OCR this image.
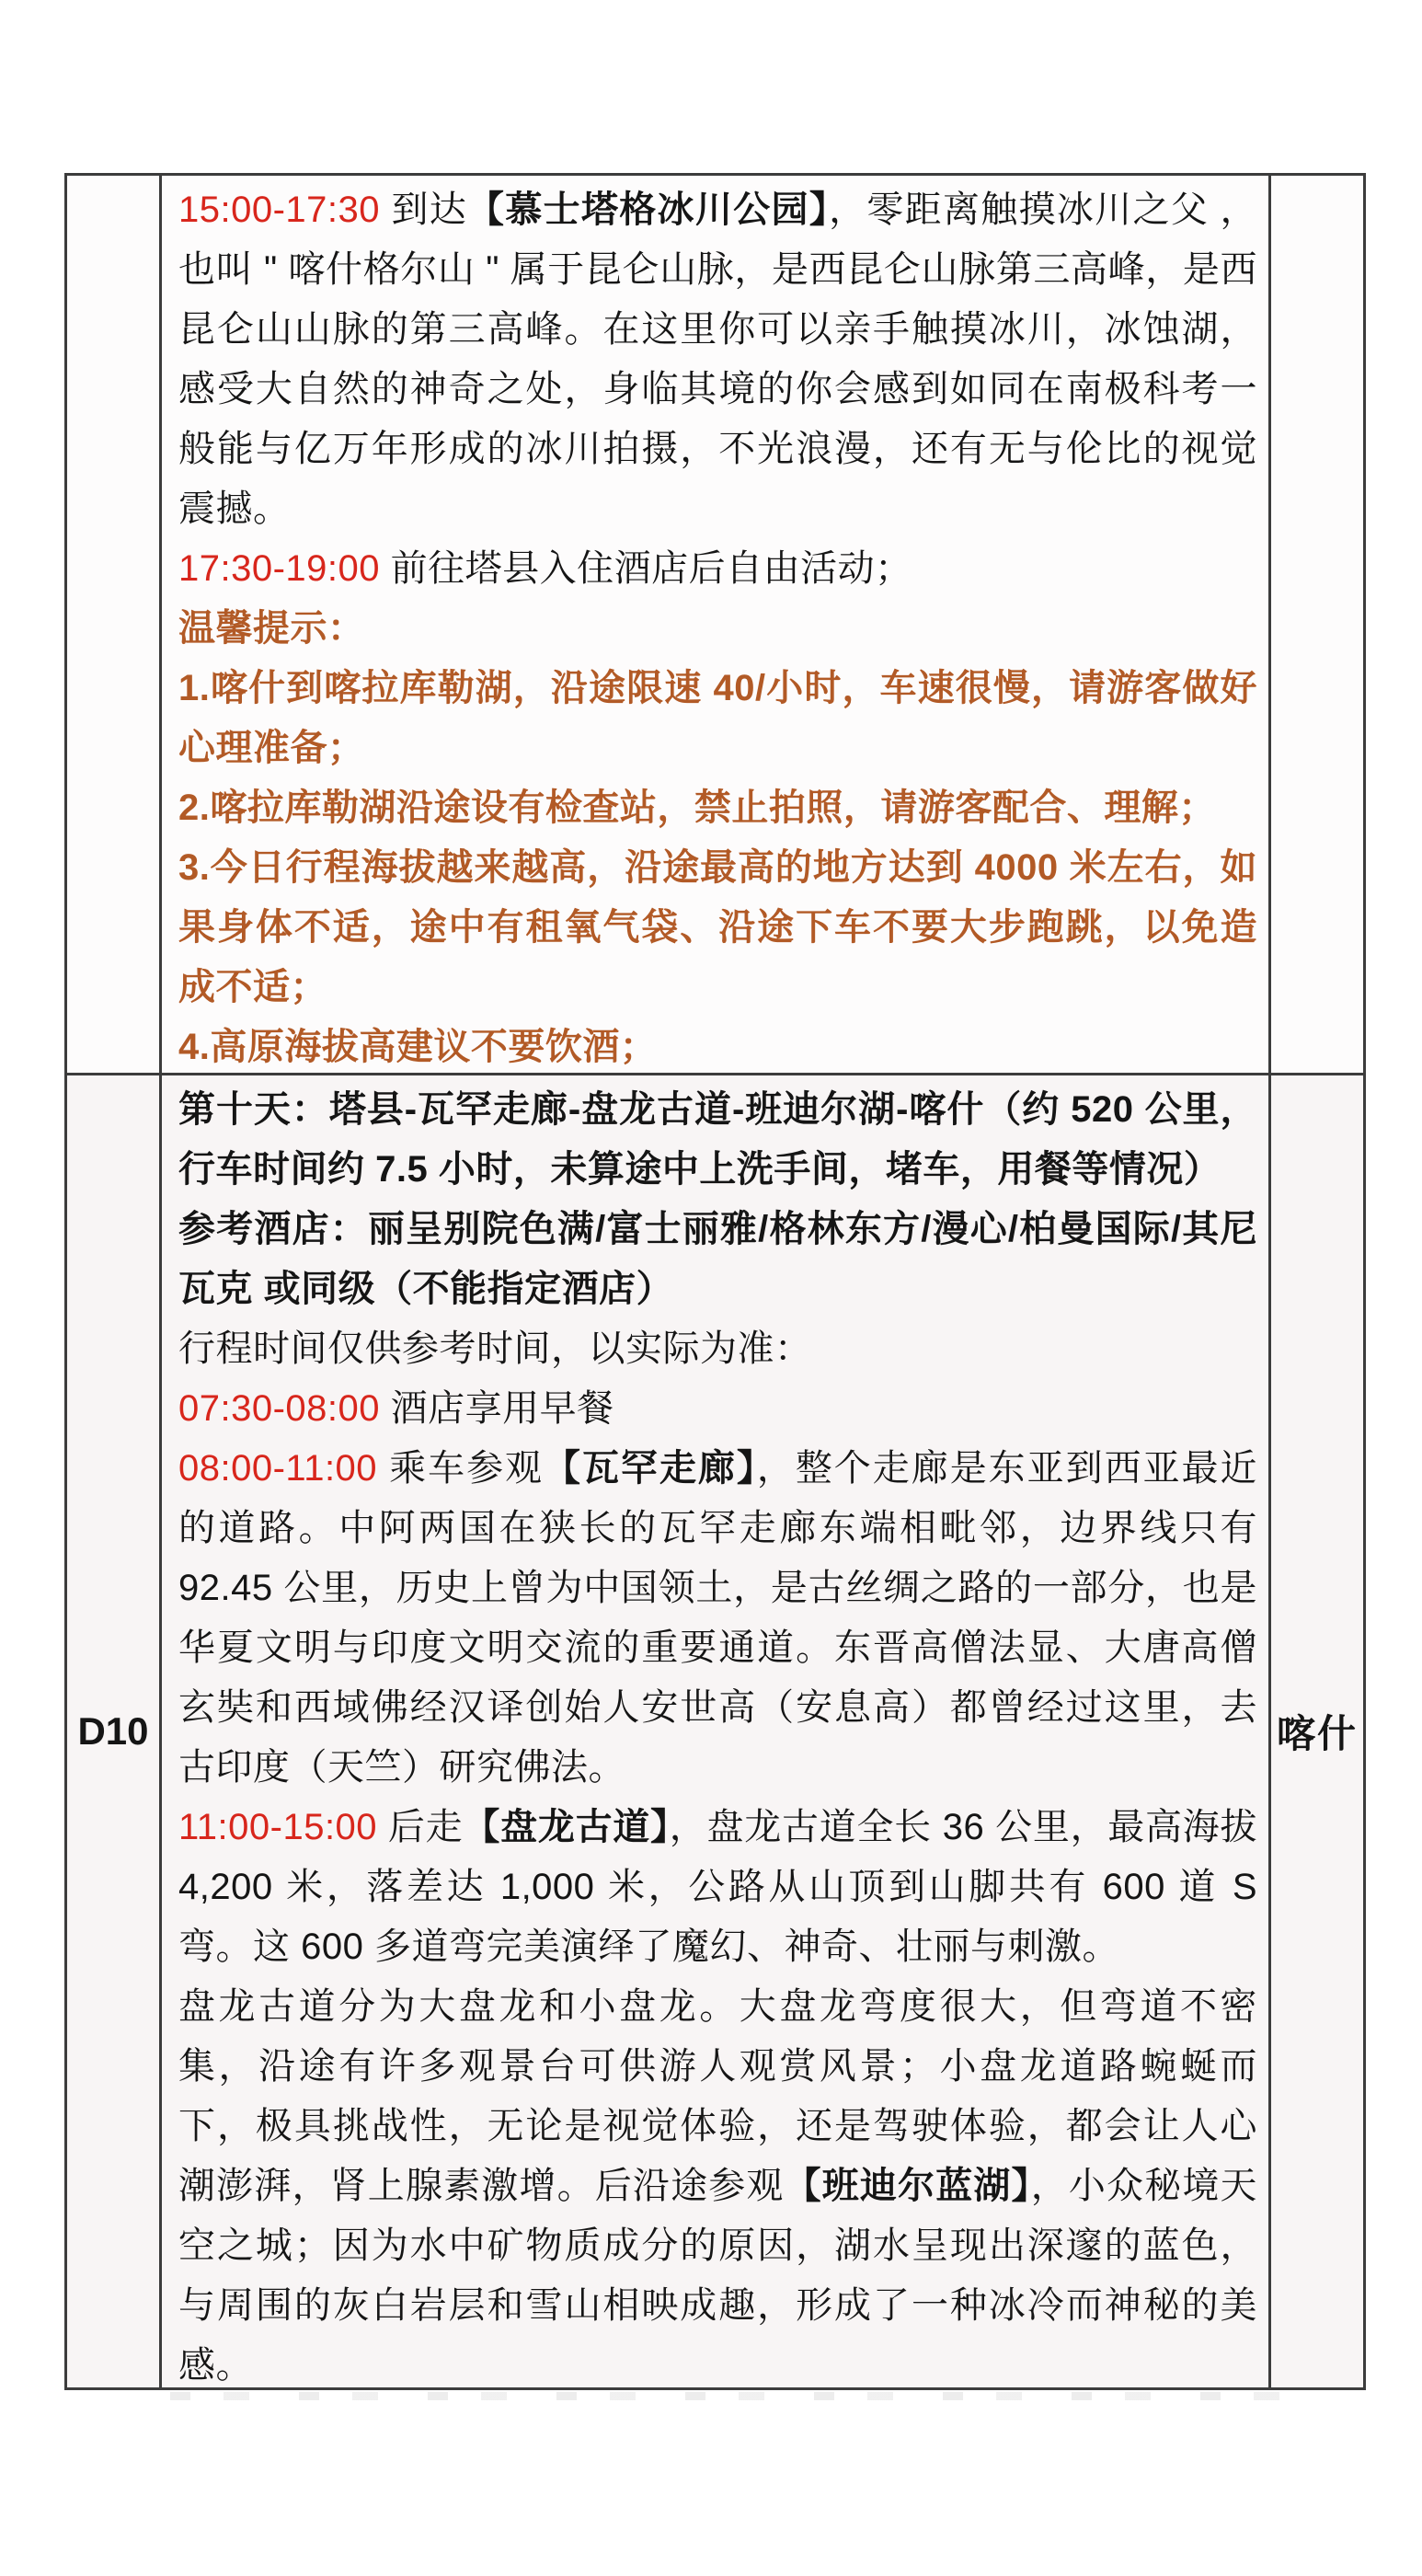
15:00-17:30 到达【慕士塔格冰川公园】，零距离触摸冰川之父 ，也叫 " 喀什格尔山 " 属于昆仑山脉，是西昆仑山脉第三高峰，是西昆仑山山脉的第三高峰。在这里你可以亲手触摸冰川，冰蚀湖，感受大自然的神奇之处，身临其境的你会感到如同在南极科考一般能与亿万年形成的冰川拍摄，不光浪漫，还有无与伦比的视觉震撼。

17:30-19:00 前往塔县入住酒店后自由活动；

温馨提示：

1.喀什到喀拉库勒湖，沿途限速 40/小时，车速很慢，请游客做好心理准备；

2.喀拉库勒湖沿途设有检查站，禁止拍照，请游客配合、理解；

3.今日行程海拔越来越高，沿途最高的地方达到 4000 米左右，如果身体不适，途中有租氧气袋、沿途下车不要大步跑跳，以免造成不适；

4.高原海拔高建议不要饮酒；

D10

第十天：塔县-瓦罕走廊-盘龙古道-班迪尔湖-喀什（约 520 公里，行车时间约 7.5 小时，未算途中上洗手间，堵车，用餐等情况）

参考酒店：丽呈别院色满/富士丽雅/格林东方/漫心/柏曼国际/其尼瓦克 或同级（不能指定酒店）

行程时间仅供参考时间，以实际为准：

07:30-08:00 酒店享用早餐

08:00-11:00 乘车参观【瓦罕走廊】，整个走廊是东亚到西亚最近的道路。中阿两国在狭长的瓦罕走廊东端相毗邻，边界线只有 92.45 公里，历史上曾为中国领土，是古丝绸之路的一部分，也是华夏文明与印度文明交流的重要通道。东晋高僧法显、大唐高僧玄奘和西域佛经汉译创始人安世高（安息高）都曾经过这里，去古印度（天竺）研究佛法。

11:00-15:00 后走【盘龙古道】，盘龙古道全长 36 公里，最高海拔 4,200 米，落差达 1,000 米，公路从山顶到山脚共有 600 道 S 弯。这 600 多道弯完美演绎了魔幻、神奇、壮丽与刺激。

盘龙古道分为大盘龙和小盘龙。大盘龙弯度很大，但弯道不密集，沿途有许多观景台可供游人观赏风景；小盘龙道路蜿蜒而下，极具挑战性，无论是视觉体验，还是驾驶体验，都会让人心潮澎湃，肾上腺素激增。后沿途参观【班迪尔蓝湖】，小众秘境天空之城；因为水中矿物质成分的原因，湖水呈现出深邃的蓝色，与周围的灰白岩层和雪山相映成趣，形成了一种冰冷而神秘的美感。

喀什
